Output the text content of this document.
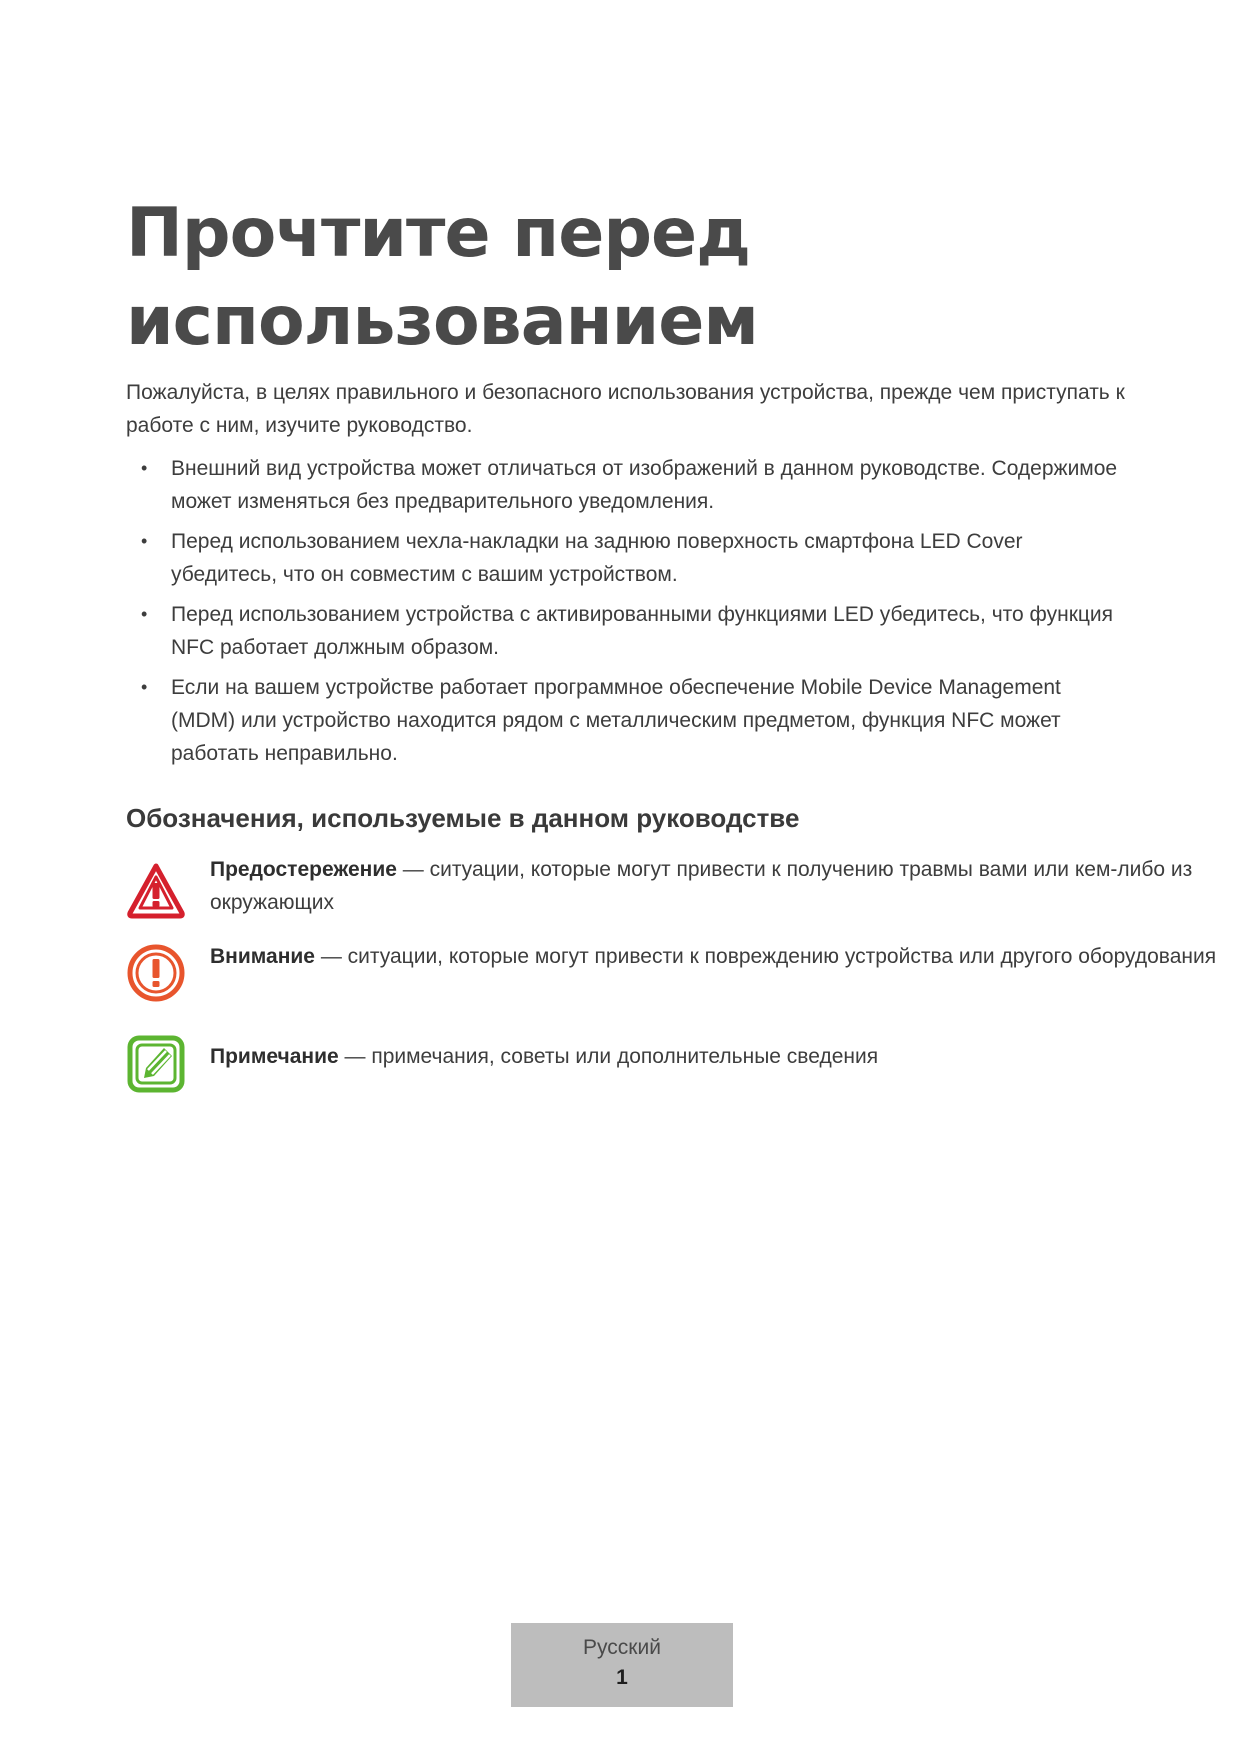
Прочтите перед
использованием

Пожалуйста, в целях правильного и безопасного использования устройства, прежде чем приступать к работе с ним, изучите руководство.

• Внешний вид устройства может отличаться от изображений в данном руководстве. Содержимое может изменяться без предварительного уведомления.
• Перед использованием чехла-накладки на заднюю поверхность смартфона LED Cover убедитесь, что он совместим с вашим устройством.
• Перед использованием устройства с активированными функциями LED убедитесь, что функция NFC работает должным образом.
• Если на вашем устройстве работает программное обеспечение Mobile Device Management (MDM) или устройство находится рядом с металлическим предметом, функция NFC может работать неправильно.
Обозначения, используемые в данном руководстве
Предостережение — ситуации, которые могут привести к получению травмы вами или кем-либо из окружающих
Внимание — ситуации, которые могут привести к повреждению устройства или другого оборудования
Примечание — примечания, советы или дополнительные сведения
Русский
1
